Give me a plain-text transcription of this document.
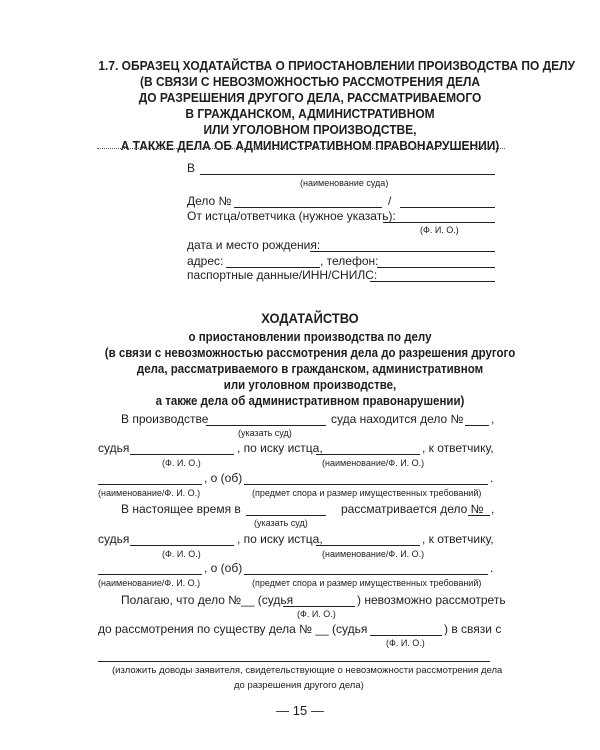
1.7. ОБРАЗЕЦ ХОДАТАЙСТВА О ПРИОСТАНОВЛЕНИИ ПРОИЗВОДСТВА ПО ДЕЛУ
(В СВЯЗИ С НЕВОЗМОЖНОСТЬЮ РАССМОТРЕНИЯ ДЕЛА
ДО РАЗРЕШЕНИЯ ДРУГОГО ДЕЛА, РАССМАТРИВАЕМОГО
В ГРАЖДАНСКОМ, АДМИНИСТРАТИВНОМ
ИЛИ УГОЛОВНОМ ПРОИЗВОДСТВЕ,
А ТАКЖЕ ДЕЛА ОБ АДМИНИСТРАТИВНОМ ПРАВОНАРУШЕНИИ)
В
(наименование суда)
Дело №	/
От истца/ответчика (нужное указать):
(Ф. И. О.)
дата и место рождения:
адрес:	, телефон:
паспортные данные/ИНН/СНИЛС:
ХОДАТАЙСТВО
о приостановлении производства по делу
(в связи с невозможностью рассмотрения дела до разрешения другого
дела, рассматриваемого в гражданском, административном
или уголовном производстве,
а также дела об административном правонарушении)
В производстве
(указать суд)
суда находится дело № ,
судья
(Ф. И. О.)
, по иску истца,
(наименование/Ф. И. О.)
, к ответчику,
(наименование/Ф. И. О.)
, о (об)
(предмет спора и размер имущественных требований)
.
В настоящее время в
(указать суд)
рассматривается дело № ,
судья
(Ф. И. О.)
, по иску истца,
(наименование/Ф. И. О.)
, к ответчику,
(наименование/Ф. И. О.)
, о (об)
(предмет спора и размер имущественных требований)
.
Полагаю, что дело №__ (судья
(Ф. И. О.)
) невозможно рассмотреть
до рассмотрения по существу дела № __ (судья
(Ф. И. О.)
) в связи с
(изложить доводы заявителя, свидетельствующие о невозможности рассмотрения дела
до разрешения другого дела)
— 15 —
